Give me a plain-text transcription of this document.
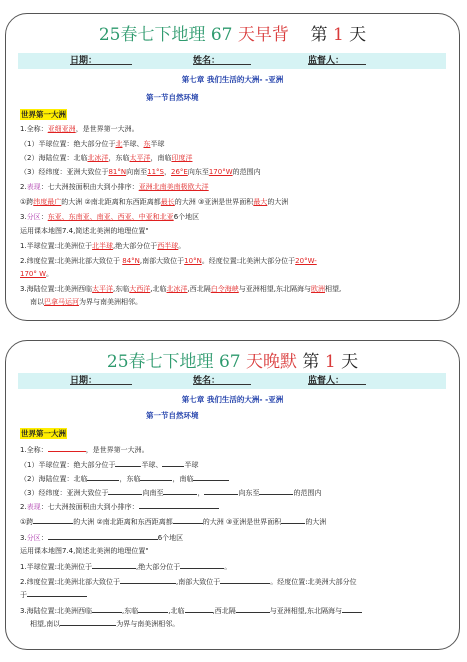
25春七下地理 67 天早背 第 1 天
日期：	姓名：	监督人：
第七章 我们生活的大洲- -亚洲
第一节自然环境
世界第一大洲
1.全称：亚细亚洲，是世界第一大洲。
（1）半球位置：绝大部分位于北半球、东半球
（2）海陆位置：北临北冰洋，东临太平洋，南临印度洋
（3）经纬度：亚洲大致位于81°N向南至11°S，26°E向东至170°W的范围内
2.表现：七大洲按面积由大到小排序：亚洲北南美南极欧大洋
①跨纬度最广的大洲 ②南北距离和东西距离都最长的大洲 ③亚洲是世界面积最大的大洲
3.分区：东亚、东南亚、南亚、西亚、中亚和北亚6个地区
运用课本地图7.4,简述北美洲的地理位置"
1.半球位置:北美洲位于北半球,绝大部分位于西半球。
2.纬度位置:北美洲北部大致位于 84°N,南部大致位于10°N。经度位置:北美洲大部分位于20°W-
170° W。
3.海陆位置:北美洲西临太平洋,东临大西洋,北临北冰洋,西北隔白令海峡与亚洲相望,东北隔海与欧洲相望,
南以巴拿马运河为界与南美洲相邻。
25春七下地理 67 天晚默 第 1 天
日期：	姓名：	监督人：
第七章 我们生活的大洲- -亚洲
第一节自然环境
世界第一大洲
1.全称：	，是世界第一大洲。
（1）半球位置：绝大部分位于	半球、	半球
（2）海陆位置：北临	，东临	，南临
（3）经纬度：亚洲大致位于	向南至	，	向东至	的范围内
2.表现：七大洲按面积由大到小排序：
①跨	的大洲 ②南北距离和东西距离都	的大洲 ③亚洲是世界面积	的大洲
3.分区：	6个地区
运用课本地图7.4,简述北美洲的地理位置"
1.半球位置:北美洲位于	,绝大部分位于	。
2.纬度位置:北美洲北部大致位于	,南部大致位于	。经度位置:北美洲大部分位
于
3.海陆位置:北美洲西临	,东临	,北临	,西北隔	与亚洲相望,东北隔海与
相望,南以	为界与南美洲相邻。
